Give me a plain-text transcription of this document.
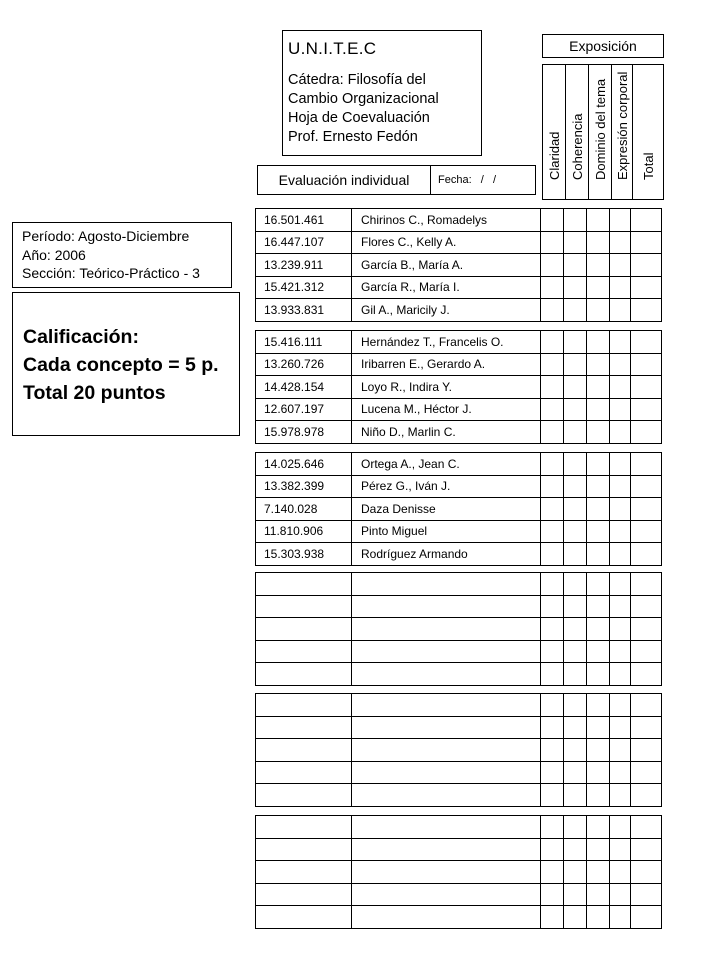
U.N.I.T.E.C
Cátedra: Filosofía del
Cambio Organizacional
Hoja de Coevaluación
Prof. Ernesto Fedón
Evaluación individual	Fecha:   /   /
Exposición
Claridad Coherencia Dominio del tema Expresión corporal Total
Período: Agosto-Diciembre
Año: 2006
Sección: Teórico-Práctico - 3
Calificación:
Cada concepto = 5 p.
Total 20 puntos
16.501.461	Chirinos C., Romadelys					
16.447.107	Flores C., Kelly A.					
13.239.911	García B., María A.					
15.421.312	García R., María I.					
13.933.831	Gil A., Maricily J.					
15.416.111	Hernández T., Francelis O.					
13.260.726	Iribarren E., Gerardo A.					
14.428.154	Loyo R., Indira Y.					
12.607.197	Lucena M., Héctor J.					
15.978.978	Niño D., Marlin C.					
14.025.646	Ortega A., Jean C.					
13.382.399	Pérez G., Iván J.					
7.140.028	Daza Denisse					
11.810.906	Pinto Miguel					
15.303.938	Rodríguez Armando					
